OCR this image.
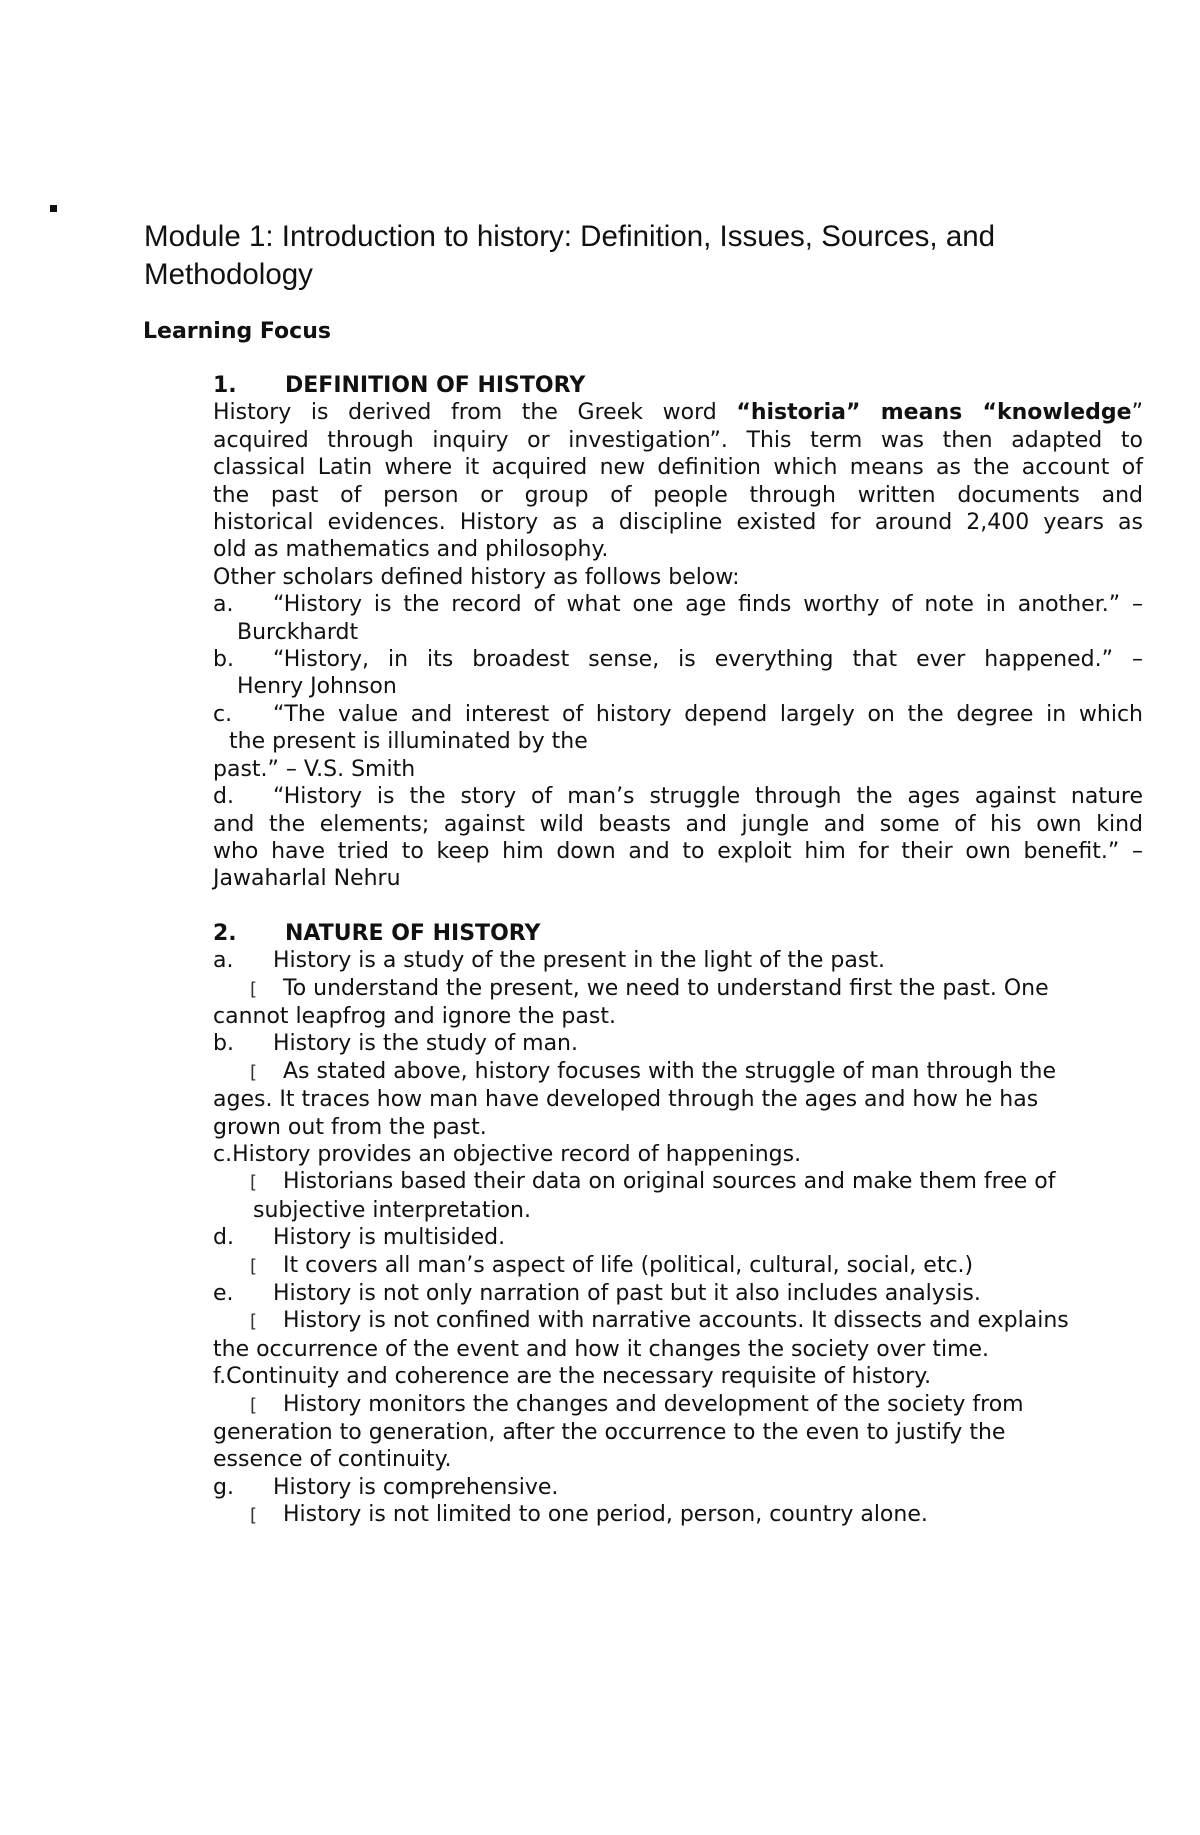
Module 1: Introduction to history: Definition, Issues, Sources, and
Methodology
Learning Focus
1. DEFINITION OF HISTORY
History is derived from the Greek word “historia” means “knowledge”
acquired through inquiry or investigation”. This term was then adapted to
classical Latin where it acquired new definition which means as the account of
the past of person or group of people through written documents and
historical evidences. History as a discipline existed for around 2,400 years as
old as mathematics and philosophy.
Other scholars defined history as follows below:
a. “History is the record of what one age finds worthy of note in another.” –
Burckhardt
b. “History, in its broadest sense, is everything that ever happened.” –
Henry Johnson
c. “The value and interest of history depend largely on the degree in which
the present is illuminated by the
past.” – V.S. Smith
d. “History is the story of man’s struggle through the ages against nature
and the elements; against wild beasts and jungle and some of his own kind
who have tried to keep him down and to exploit him for their own benefit.” –
Jawaharlal Nehru
2. NATURE OF HISTORY
a. History is a study of the present in the light of the past.
[ To understand the present, we need to understand first the past. One
cannot leapfrog and ignore the past.
b. History is the study of man.
[ As stated above, history focuses with the struggle of man through the
ages. It traces how man have developed through the ages and how he has
grown out from the past.
c.History provides an objective record of happenings.
[ Historians based their data on original sources and make them free of
subjective interpretation.
d. History is multisided.
[ It covers all man’s aspect of life (political, cultural, social, etc.)
e. History is not only narration of past but it also includes analysis.
[ History is not confined with narrative accounts. It dissects and explains
the occurrence of the event and how it changes the society over time.
f.Continuity and coherence are the necessary requisite of history.
[ History monitors the changes and development of the society from
generation to generation, after the occurrence to the even to justify the
essence of continuity.
g. History is comprehensive.
[ History is not limited to one period, person, country alone.
